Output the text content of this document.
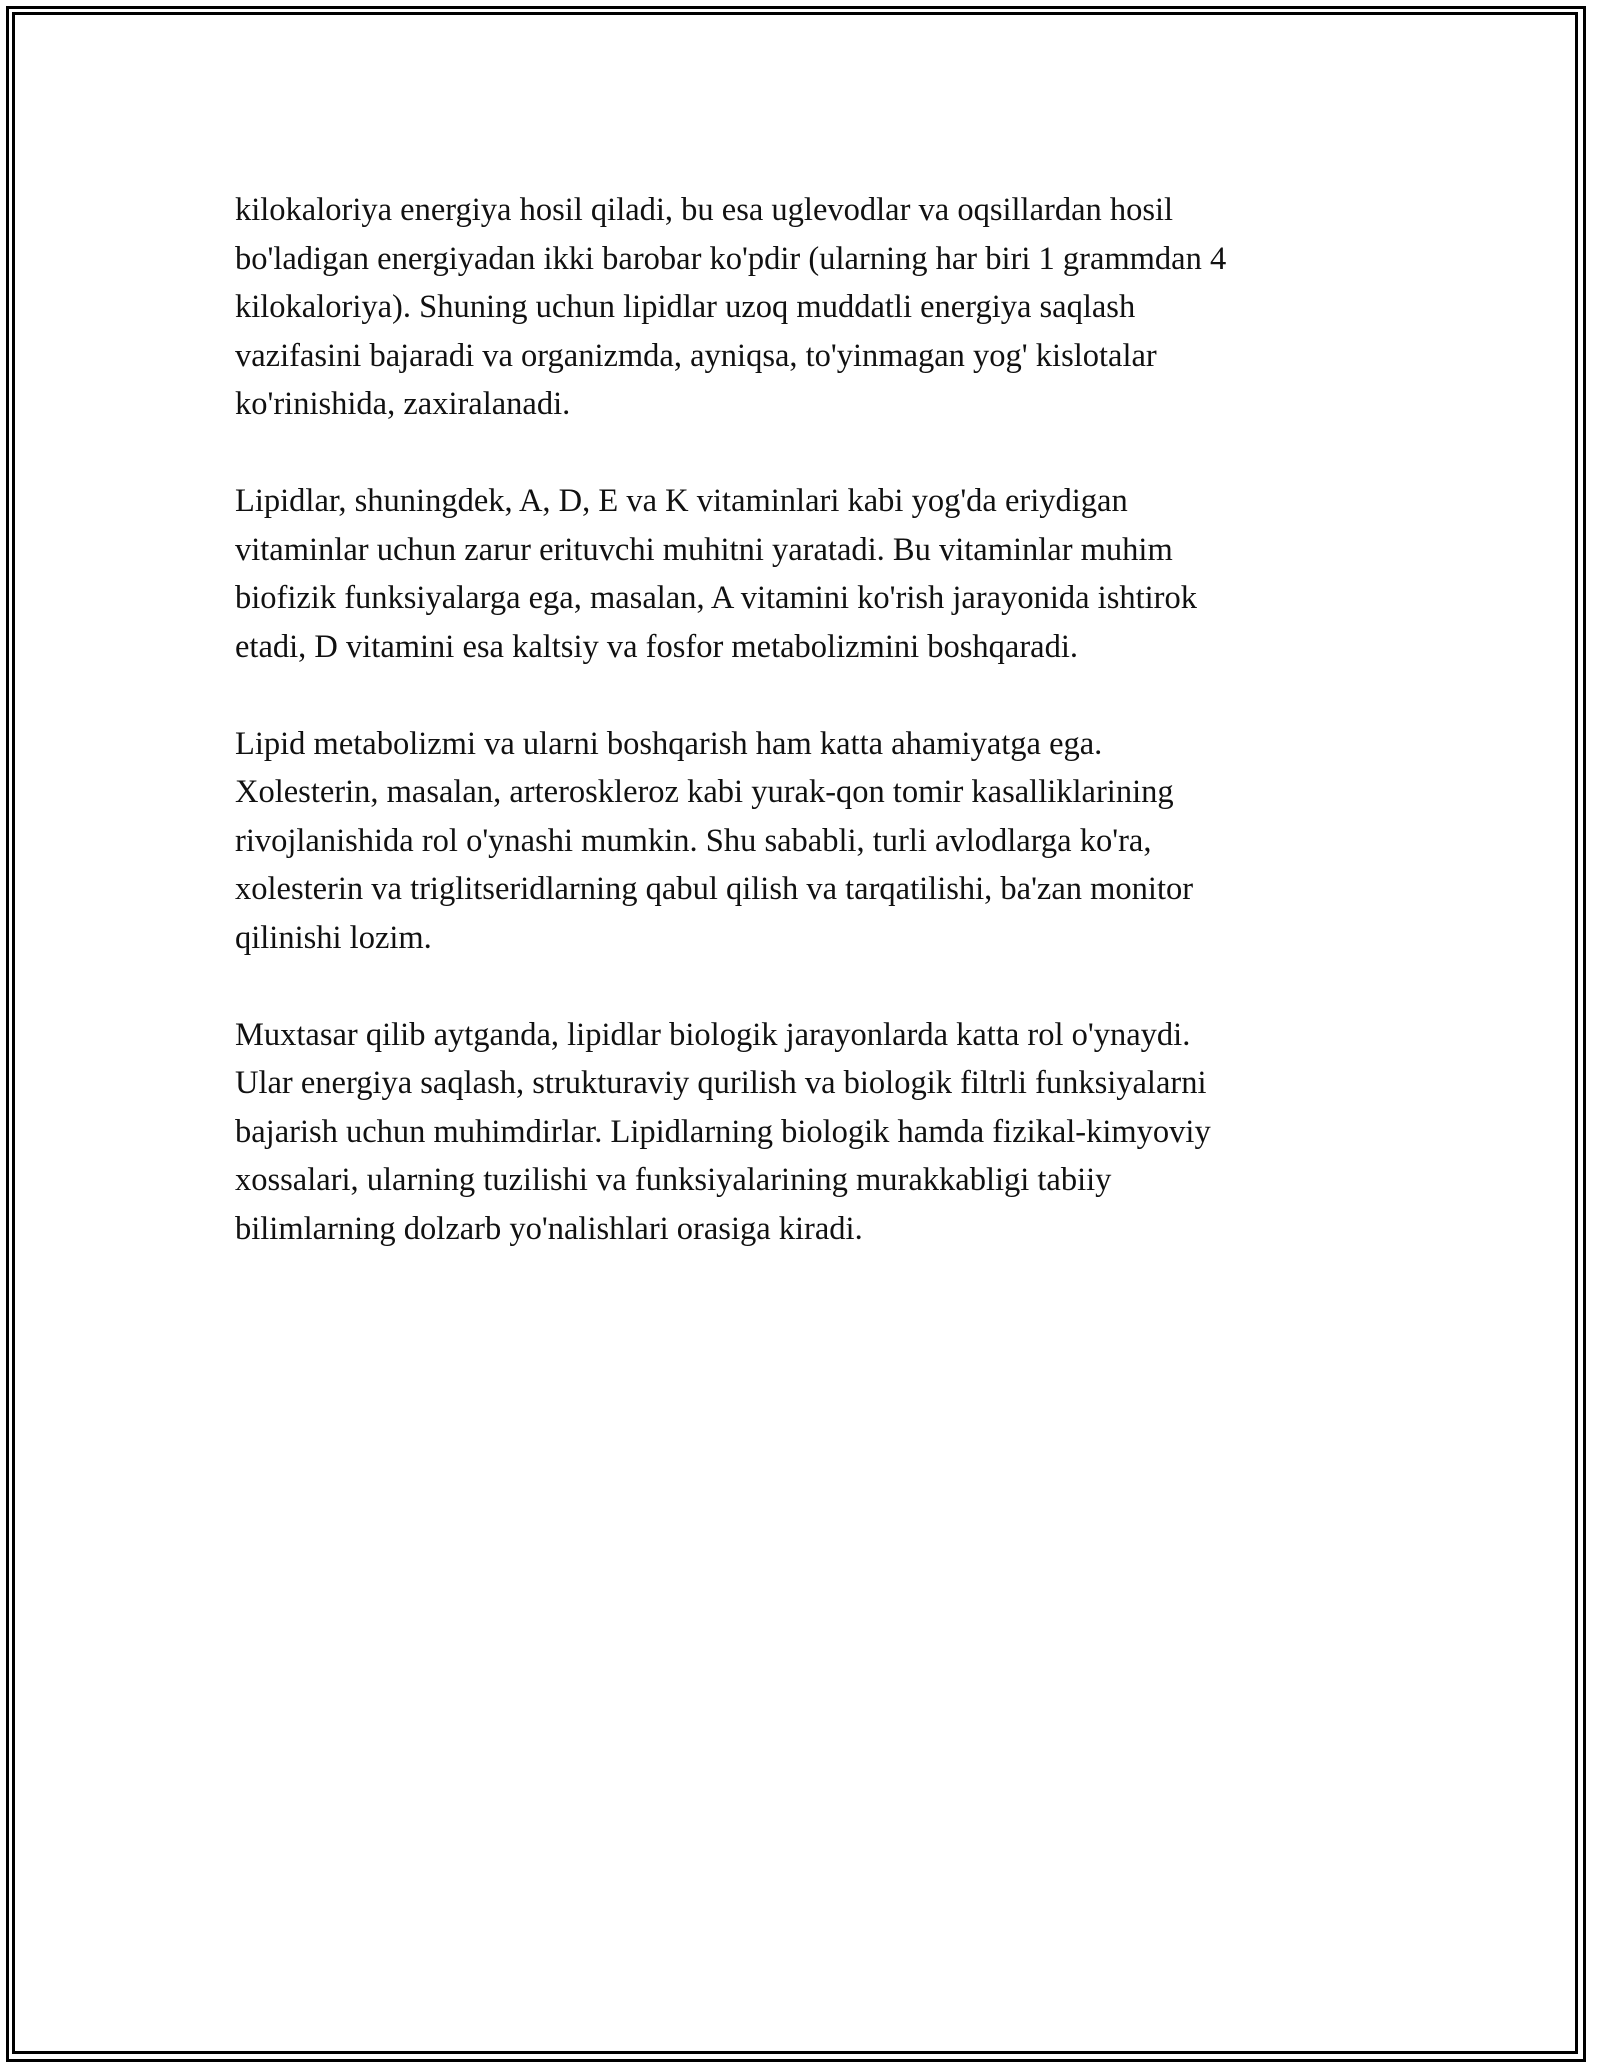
kilokaloriya energiya hosil qiladi, bu esa uglevodlar va oqsillardan hosil
bo'ladigan energiyadan ikki barobar ko'pdir (ularning har biri 1 grammdan 4
kilokaloriya). Shuning uchun lipidlar uzoq muddatli energiya saqlash
vazifasini bajaradi va organizmda, ayniqsa, to'yinmagan yog' kislotalar
ko'rinishida, zaxiralanadi.

Lipidlar, shuningdek, A, D, E va K vitaminlari kabi yog'da eriydigan
vitaminlar uchun zarur erituvchi muhitni yaratadi. Bu vitaminlar muhim
biofizik funksiyalarga ega, masalan, A vitamini ko'rish jarayonida ishtirok
etadi, D vitamini esa kaltsiy va fosfor metabolizmini boshqaradi.

Lipid metabolizmi va ularni boshqarish ham katta ahamiyatga ega.
Xolesterin, masalan, arteroskleroz kabi yurak-qon tomir kasalliklarining
rivojlanishida rol o'ynashi mumkin. Shu sababli, turli avlodlarga ko'ra,
xolesterin va triglitseridlarning qabul qilish va tarqatilishi, ba'zan monitor
qilinishi lozim.

Muxtasar qilib aytganda, lipidlar biologik jarayonlarda katta rol o'ynaydi.
Ular energiya saqlash, strukturaviy qurilish va biologik filtrli funksiyalarni
bajarish uchun muhimdirlar. Lipidlarning biologik hamda fizikal-kimyoviy
xossalari, ularning tuzilishi va funksiyalarining murakkabligi tabiiy
bilimlarning dolzarb yo'nalishlari orasiga kiradi.
